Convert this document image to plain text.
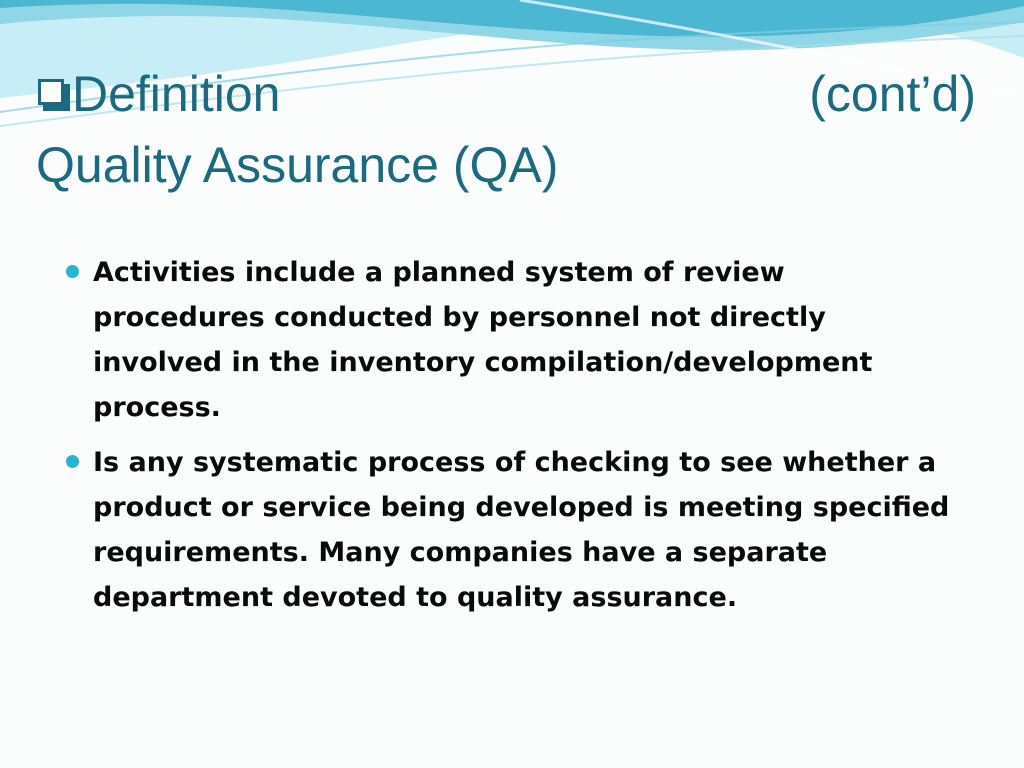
Definition	(cont’d)
Quality Assurance (QA)
Activities include a planned system of review procedures conducted by personnel not directly involved in the inventory compilation/development process.
Is any systematic process of checking to see whether a product or service being developed is meeting specified requirements. Many companies have a separate department devoted to quality assurance.
